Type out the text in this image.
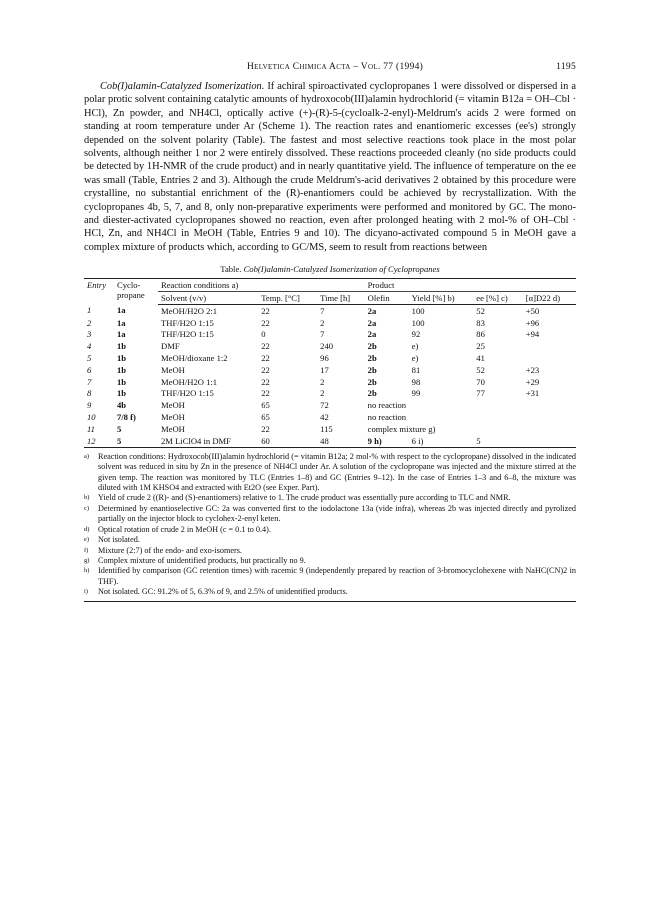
Helvetica Chimica Acta – Vol. 77 (1994)	1195

Cob(I)alamin-Catalyzed Isomerization. If achiral spiroactivated cyclopropanes 1 were dissolved or dispersed in a polar protic solvent containing catalytic amounts of hydroxocob(III)alamin hydrochlorid (= vitamin B12a = OH–Cbl · HCl), Zn powder, and NH4Cl, optically active (+)-(R)-5-(cycloalk-2-enyl)-Meldrum's acids 2 were formed on standing at room temperature under Ar (Scheme 1). The reaction rates and enantiomeric excesses (ee's) strongly depended on the solvent polarity (Table). The fastest and most selective reactions took place in the most polar solvents, although neither 1 nor 2 were entirely dissolved. These reactions proceeded cleanly (no side products could be detected by 1H-NMR of the crude product) and in nearly quantitative yield. The influence of temperature on the ee was small (Table, Entries 2 and 3). Although the crude Meldrum's-acid derivatives 2 obtained by this procedure were crystalline, no substantial enrichment of the (R)-enantiomers could be achieved by recrystallization. With the cyclopropanes 4b, 5, 7, and 8, only non-preparative experiments were performed and monitored by GC. The mono- and diester-activated cyclopropanes showed no reaction, even after prolonged heating with 2 mol-% of OH–Cbl · HCl, Zn, and NH4Cl in MeOH (Table, Entries 9 and 10). The dicyano-activated compound 5 in MeOH gave a complex mixture of products which, according to GC/MS, seem to result from reactions between

Table. Cob(I)alamin-Catalyzed Isomerization of Cyclopropanes
Entry	Cyclo-propane	Reaction conditions a)			Product			
		Solvent (v/v)	Temp. [°C]	Time [h]	Olefin	Yield [%] b)	ee [%] c)	[α]D22 d)
1	1a	MeOH/H2O 2:1	22	7	2a	100	52	+50
2	1a	THF/H2O 1:15	22	2	2a	100	83	+96
3	1a	THF/H2O 1:15	0	7	2a	92	86	+94
4	1b	DMF	22	240	2b	e)	25	
5	1b	MeOH/dioxane 1:2	22	96	2b	e)	41	
6	1b	MeOH	22	17	2b	81	52	+23
7	1b	MeOH/H2O 1:1	22	2	2b	98	70	+29
8	1b	THF/H2O 1:15	22	2	2b	99	77	+31
9	4b	MeOH	65	72	no reaction			
10	7/8 f)	MeOH	65	42	no reaction			
11	5	MeOH	22	115	complex mixture g)			
12	5	2M LiClO4 in DMF	60	48	9 h)	6 i)	5	
a)	Reaction conditions: Hydroxocob(III)alamin hydrochlorid (= vitamin B12a; 2 mol-% with respect to the cyclopropane) dissolved in the indicated solvent was reduced in situ by Zn in the presence of NH4Cl under Ar. A solution of the cyclopropane was injected and the mixture stirred at the given temp. The reaction was monitored by TLC (Entries 1–8) and GC (Entries 9–12). In the case of Entries 1–3 and 6–8, the mixture was diluted with 1M KHSO4 and extracted with Et2O (see Exper. Part).
b)	Yield of crude 2 ((R)- and (S)-enantiomers) relative to 1. The crude product was essentially pure according to TLC and NMR.
c)	Determined by enantioselective GC: 2a was converted first to the iodolactone 13a (vide infra), whereas 2b was injected directly and pyrolized partially on the injector block to cyclohex-2-enyl keten.
d)	Optical rotation of crude 2 in MeOH (c = 0.1 to 0.4).
e)	Not isolated.
f)	Mixture (2:7) of the endo- and exo-isomers.
g)	Complex mixture of unidentified products, but practically no 9.
h)	Identified by comparison (GC retention times) with racemic 9 (independently prepared by reaction of 3-bromocyclohexene with NaHC(CN)2 in THF).
i)	Not isolated. GC: 91.2% of 5, 6.3% of 9, and 2.5% of unidentified products.
